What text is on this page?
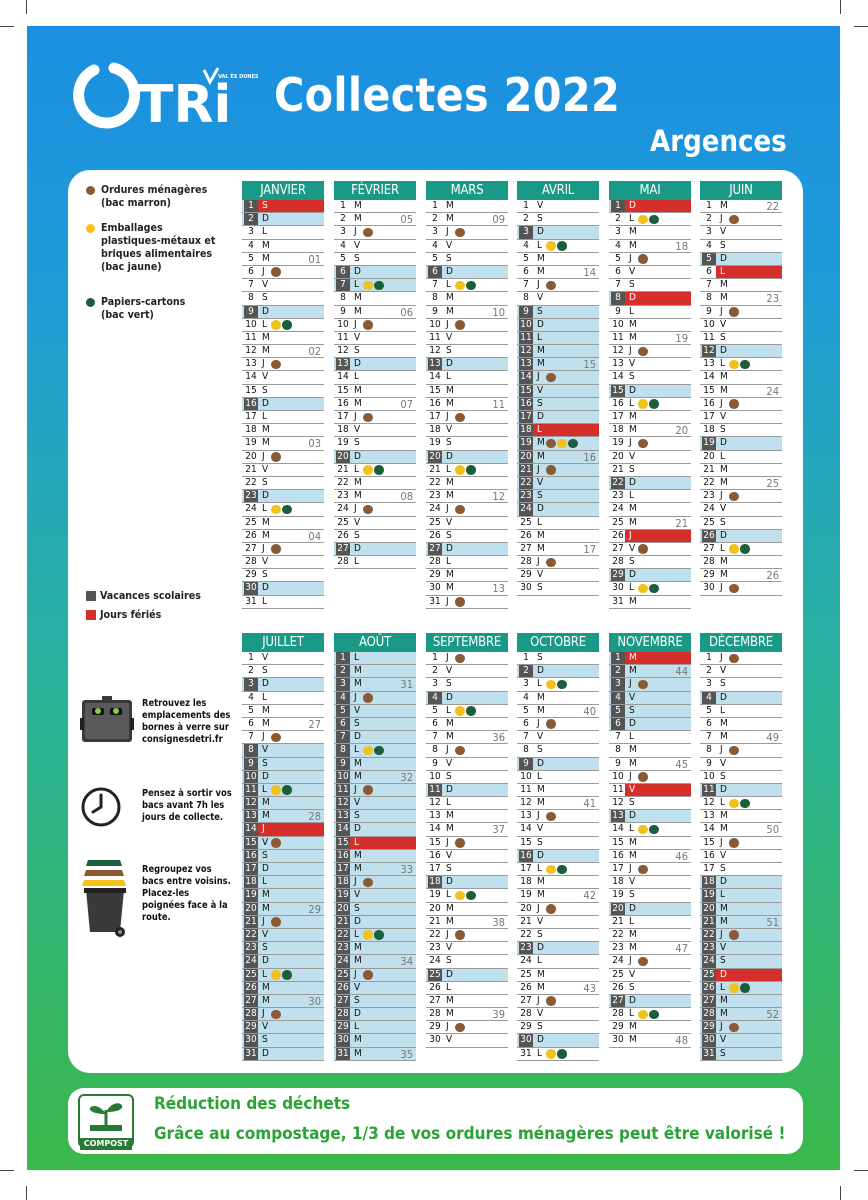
TRi
VAL ÈS DUNES Collectes 2022
Argences
Ordures ménagères
(bac marron)
Emballages
plastiques-métaux et
briques alimentaires
(bac jaune)
Papiers-cartons
(bac vert)
Vacances scolaires
Jours fériés
Retrouvez les
emplacements des
bornes à verre sur
consignesdetri.fr
Pensez à sortir vos
bacs avant 7h les
jours de collecte.
Regroupez vos
bacs entre voisins.
Placez-les
poignées face à la
route.
JANVIER
1 S
2 D
3 L
4 M
5 M	01
6 J
7 V
8 S
9 D
10 L
11 M
12 M	02
13 J
14 V
15 S
16 D
17 L
18 M
19 M	03
20 J
21 V
22 S
23 D
24 L
25 M
26 M	04
27 J
28 V
29 S
30 D
31 L
FÉVRIER
1 M
2 M	05
3 J
4 V
5 S
6 D
7 L
8 M
9 M	06
10 J
11 V
12 S
13 D
14 L
15 M
16 M	07
17 J
18 V
19 S
20 D
21 L
22 M
23 M	08
24 J
25 V
26 S
27 D
28 L
MARS
1 M
2 M	09
3 J
4 V
5 S
6 D
7 L
8 M
9 M	10
10 J
11 V
12 S
13 D
14 L
15 M
16 M	11
17 J
18 V
19 S
20 D
21 L
22 M
23 M	12
24 J
25 V
26 S
27 D
28 L
29 M
30 M	13
31 J
AVRIL
1 V
2 S
3 D
4 L
5 M
6 M	14
7 J
8 V
9 S
10 D
11 L
12 M
13 M	15
14 J
15 V
16 S
17 D
18 L
19 M
20 M	16
21 J
22 V
23 S
24 D
25 L
26 M
27 M	17
28 J
29 V
30 S
MAI
1 D
2 L
3 M
4 M	18
5 J
6 V
7 S
8 D
9 L
10 M
11 M	19
12 J
13 V
14 S
15 D
16 L
17 M
18 M	20
19 J
20 V
21 S
22 D
23 L
24 M
25 M	21
26 J
27 V
28 S
29 D
30 L
31 M
JUIN
1 M	22
2 J
3 V
4 S
5 D
6 L
7 M
8 M	23
9 J
10 V
11 S
12 D
13 L
14 M
15 M	24
16 J
17 V
18 S
19 D
20 L
21 M
22 M	25
23 J
24 V
25 S
26 D
27 L
28 M
29 M	26
30 J
JUILLET
1 V
2 S
3 D
4 L
5 M
6 M	27
7 J
8 V
9 S
10 D
11 L
12 M
13 M	28
14 J
15 V
16 S
17 D
18 L
19 M
20 M	29
21 J
22 V
23 S
24 D
25 L
26 M
27 M	30
28 J
29 V
30 S
31 D
AOÛT
1 L
2 M
3 M	31
4 J
5 V
6 S
7 D
8 L
9 M
10 M	32
11 J
12 V
13 S
14 D
15 L
16 M
17 M	33
18 J
19 V
20 S
21 D
22 L
23 M
24 M	34
25 J
26 V
27 S
28 D
29 L
30 M
31 M	35
SEPTEMBRE
1 J
2 V
3 S
4 D
5 L
6 M
7 M	36
8 J
9 V
10 S
11 D
12 L
13 M
14 M	37
15 J
16 V
17 S
18 D
19 L
20 M
21 M	38
22 J
23 V
24 S
25 D
26 L
27 M
28 M	39
29 J
30 V
OCTOBRE
1 S
2 D
3 L
4 M
5 M	40
6 J
7 V
8 S
9 D
10 L
11 M
12 M	41
13 J
14 V
15 S
16 D
17 L
18 M
19 M	42
20 J
21 V
22 S
23 D
24 L
25 M
26 M	43
27 J
28 V
29 S
30 D
31 L
NOVEMBRE
1 M
2 M	44
3 J
4 V
5 S
6 D
7 L
8 M
9 M	45
10 J
11 V
12 S
13 D
14 L
15 M
16 M	46
17 J
18 V
19 S
20 D
21 L
22 M
23 M	47
24 J
25 V
26 S
27 D
28 L
29 M
30 M	48
DÉCEMBRE
1 J
2 V
3 S
4 D
5 L
6 M
7 M	49
8 J
9 V
10 S
11 D
12 L
13 M
14 M	50
15 J
16 V
17 S
18 D
19 L
20 M
21 M	51
22 J
23 V
24 S
25 D
26 L
27 M
28 M	52
29 J
30 V
31 S
COMPOST
Réduction des déchets
Grâce au compostage, 1/3 de vos ordures ménagères peut être valorisé !
